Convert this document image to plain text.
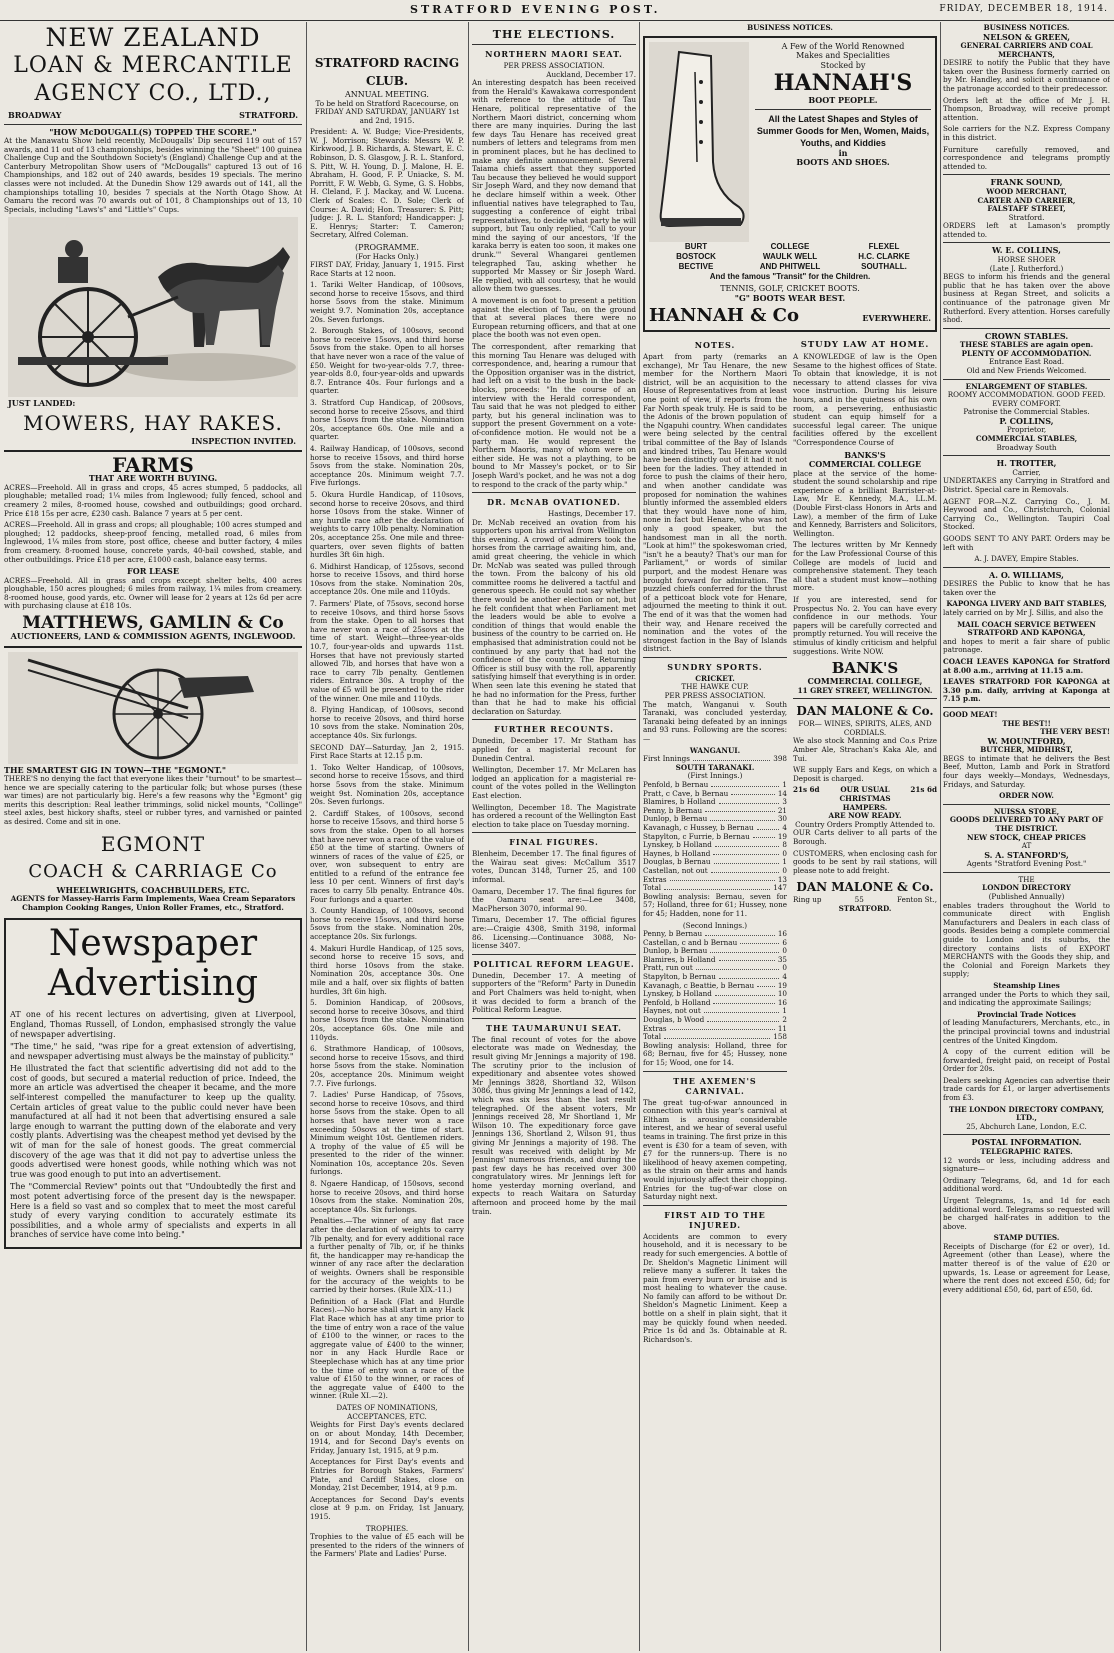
STRATFORD EVENING POST.	FRIDAY, DECEMBER 18, 1914.
NEW ZEALAND
LOAN & MERCANTILE
AGENCY CO., LTD.,
BROADWAY	STRATFORD.
"HOW McDOUGALL(S) TOPPED THE SCORE."

At the Manawatu Show held recently, McDougalls' Dip secured 119 out of 157 awards, and 11 out of 13 championships, besides winning the "Sheet" 100 guinea Challenge Cup and the Southdown Society's (England) Challenge Cup and at the Canterbury Metropolitan Show users of "McDougalls" captured 13 out of 16 Championships, and 182 out of 240 awards, besides 19 specials. The merino classes were not included. At the Dunedin Show 129 awards out of 141, all the championships totalling 10, besides 7 specials at the North Otago Show. At Oamaru the record was 70 awards out of 101, 8 Championships out of 13, 10 Specials, including "Laws's" and "Little's" Cups.

JUST LANDED:
MOWERS, HAY RAKES.
INSPECTION INVITED.
FARMS
THAT ARE WORTH BUYING.

ACRES—Freehold. All in grass and crops, 45 acres stumped, 5 paddocks, all ploughable; metalled road; 1¼ miles from Inglewood; fully fenced, school and creamery 2 miles, 8-roomed house, cowshed and outbuildings; good orchard. Price £18 15s per acre, £230 cash. Balance 7 years at 5 per cent.

ACRES—Freehold. All in grass and crops; all ploughable; 100 acres stumped and ploughed; 12 paddocks, sheep-proof fencing, metalled road, 6 miles from Inglewood, 1¼ miles from store, post office, cheese and butter factory, 4 miles from creamery. 8-roomed house, concrete yards, 40-bail cowshed, stable, and other outbuildings. Price £18 per acre, £1000 cash, balance easy terms.

FOR LEASE

ACRES—Freehold. All in grass and crops except shelter belts, 400 acres ploughable, 150 acres ploughed; 6 miles from railway, 1¼ miles from creamery. 8-roomed house, good yards, etc. Owner will lease for 2 years at 12s 6d per acre with purchasing clause at £18 10s.

MATTHEWS, GAMLIN & Co
AUCTIONEERS, LAND & COMMISSION AGENTS, INGLEWOOD.
THE SMARTEST GIG IN TOWN—THE "EGMONT."

THERE'S no denying the fact that everyone likes their "turnout" to be smartest—hence we are specially catering to the particular folk; but whose purses (these war times) are not particularly big. Here's a few reasons why the "Egmont" gig merits this description: Real leather trimmings, solid nickel mounts, "Collinge" steel axles, best hickory shafts, steel or rubber tyres, and varnished or painted as desired. Come and sit in one.

EGMONT
COACH & CARRIAGE Co
WHEELWRIGHTS, COACHBUILDERS, ETC.

AGENTS for Massey-Harris Farm Implements, Waea Cream Separators Champion Cooking Ranges, Union Roller Frames, etc., Stratford.

Newspaper
Advertising

AT one of his recent lectures on advertising, given at Liverpool, England, Thomas Russell, of London, emphasised strongly the value of newspaper advertising.

"The time," he said, "was ripe for a great extension of advertising, and newspaper advertising must always be the mainstay of publicity."

He illustrated the fact that scientific advertising did not add to the cost of goods, but secured a material reduction of price. Indeed, the more an article was advertised the cheaper it became, and the more self-interest compelled the manufacturer to keep up the quality. Certain articles of great value to the public could never have been manufactured at all had it not been that advertising ensured a sale large enough to warrant the putting down of the elaborate and very costly plants. Advertising was the cheapest method yet devised by the wit of man for the sale of honest goods. The great commercial discovery of the age was that it did not pay to advertise unless the goods advertised were honest goods, while nothing which was not true was good enough to put into an advertisement.

The "Commercial Review" points out that "Undoubtedly the first and most potent advertising force of the present day is the newspaper. Here is a field so vast and so complex that to meet the most careful study of every varying condition to accurately estimate its possibilities, and a whole army of specialists and experts in all branches of service have come into being."

STRATFORD RACING CLUB.
ANNUAL MEETING.

To be held on Stratford Racecourse, on FRIDAY AND SATURDAY, JANUARY 1st and 2nd, 1915.

President: A. W. Budge; Vice-Presidents, W. J. Morrison; Stewards: Messrs W. P. Kirkwood, J. B. Richards, A. Stewart, E. C. Robinson, D. S. Glasgow, J. R. L. Stanford, S. Pitt, W. H. Young, D. J. Malone, H. E. Abraham, H. Good, F. P. Uniacke, S. M. Porritt, F. W. Webb, G. Syme, G. S. Hobbs, H. Cleland, F. J. Mackay, and W. Lucena. Clerk of Scales: C. D. Sole; Clerk of Course: A. David; Hon. Treasurer: S. Pitt; Judge: J. R. L. Stanford; Handicapper: J. E. Henrys; Starter: T. Cameron; Secretary, Alfred Coleman.

(PROGRAMME.
(For Hacks Only.)

FIRST DAY, Friday, January 1, 1915. First Race Starts at 12 noon.

1. Tariki Welter Handicap, of 100sovs, second horse to receive 15sovs, and third horse 5sovs from the stake. Minimum weight 9.7. Nomination 20s, acceptance 20s. Seven furlongs.

2. Borough Stakes, of 100sovs, second horse to receive 15sovs, and third horse 5sovs from the stake. Open to all horses that have never won a race of the value of £50. Weight for two-year-olds 7.7, three-year-olds 8.0, four-year-olds and upwards 8.7. Entrance 40s. Four furlongs and a quarter.

3. Stratford Cup Handicap, of 200sovs, second horse to receive 25sovs, and third horse 15sovs from the stake. Nomination 20s, acceptance 60s. One mile and a quarter.

4. Railway Handicap, of 100sovs, second horse to receive 15sovs, and third horse 5sovs from the stake. Nomination 20s, acceptance 20s. Minimum weight 7.7. Five furlongs.

5. Okura Hurdle Handicap, of 110sovs, second horse to receive 20sovs, and third horse 10sovs from the stake. Winner of any hurdle race after the declaration of weights to carry 10lb penalty. Nomination 20s, acceptance 25s. One mile and three-quarters, over seven flights of batten hurdles 3ft 6in high.

6. Midhirst Handicap, of 125sovs, second horse to receive 15sovs, and third horse 10sovs from the stake. Nomination 20s, acceptance 20s. One mile and 110yds.

7. Farmers' Plate, of 75sovs, second horse to receive 10sovs, and third horse 5sovs from the stake. Open to all horses that have never won a race of 25sovs at the time of start. Weight—three-year-olds 10.7, four-year-olds and upwards 11st. Horses that have not previously started allowed 7lb, and horses that have won a race to carry 7lb penalty. Gentlemen riders. Entrance 30s. A trophy of the value of £5 will be presented to the rider of the winner. One mile and 110yds.

8. Flying Handicap, of 100sovs, second horse to receive 20sovs, and third horse 10 sovs from the stake. Nomination 20s, acceptance 40s. Six furlongs.

SECOND DAY—Saturday, Jan 2, 1915. First Race Starts at 12.15 p.m.

1. Toko Welter Handicap, of 100sovs, second horse to receive 15sovs, and third horse 5sovs from the stake. Minimum weight 9st. Nomination 20s, acceptance 20s. Seven furlongs.

2. Cardiff Stakes, of 100sovs, second horse to receive 15sovs, and third horse 5 sovs from the stake. Open to all horses that have never won a race of the value of £50 at the time of starting. Owners of winners of races of the value of £25, or over, won subsequent to entry are entitled to a refund of the entrance fee less 10 per cent. Winners of first day's races to carry 5lb penalty. Entrance 40s. Four furlongs and a quarter.

3. County Handicap, of 100sovs, second horse to receive 15sovs, and third horse 5sovs from the stake. Nomination 20s, acceptance 20s. Six furlongs.

4. Makuri Hurdle Handicap, of 125 sovs, second horse to receive 15 sovs, and third horse 10sovs from the stake. Nomination 20s, acceptance 30s. One mile and a half, over six flights of batten hurdles, 3ft 6in high.

5. Dominion Handicap, of 200sovs, second horse to receive 30sovs, and third horse 10sovs from the stake. Nomination 20s, acceptance 60s. One mile and 110yds.

6. Strathmore Handicap, of 100sovs, second horse to receive 15sovs, and third horse 5sovs from the stake. Nomination 20s, acceptance 20s. Minimum weight 7.7. Five furlongs.

7. Ladies' Purse Handicap, of 75sovs, second horse to receive 10sovs, and third horse 5sovs from the stake. Open to all horses that have never won a race exceeding 50sovs at the time of start. Minimum weight 10st. Gentlemen riders. A trophy of the value of £5 will be presented to the rider of the winner. Nomination 10s, acceptance 20s. Seven furlongs.

8. Ngaere Handicap, of 150sovs, second horse to receive 20sovs, and third horse 10sovs from the stake. Nomination 20s, acceptance 40s. Six furlongs.

Penalties.—The winner of any flat race after the declaration of weights to carry 7lb penalty, and for every additional race a further penalty of 7lb, or, if he thinks fit, the handicapper may re-handicap the winner of any race after the declaration of weights. Owners shall be responsible for the accuracy of the weights to be carried by their horses. (Rule XIX.-11.)

Definition of a Hack (Flat and Hurdle Races).—No horse shall start in any Hack Flat Race which has at any time prior to the time of entry won a race of the value of £100 to the winner, or races to the aggregate value of £400 to the winner, nor in any Hack Hurdle Race or Steeplechase which has at any time prior to the time of entry won a race of the value of £150 to the winner, or races of the aggregate value of £400 to the winner. (Rule XI.—2).

DATES OF NOMINATIONS, ACCEPTANCES, ETC.

Weights for First Day's events declared on or about Monday, 14th December, 1914, and for Second Day's events on Friday, January 1st, 1915, at 9 p.m.

Acceptances for First Day's events and Entries for Borough Stakes, Farmers' Plate, and Cardiff Stakes, close on Monday, 21st December, 1914, at 9 p.m.

Acceptances for Second Day's events close at 9 p.m. on Friday, 1st January, 1915.

TROPHIES.

Trophies to the value of £5 each will be presented to the riders of the winners of the Farmers' Plate and Ladies' Purse.

THE ELECTIONS.
NORTHERN MAORI SEAT.
PER PRESS ASSOCIATION.
Auckland, December 17.

An interesting despatch has been received from the Herald's Kawakawa correspondent with reference to the attitude of Tau Henare, political representative of the Northern Maori district, concerning whom there are many inquiries. During the last few days Tau Henare has received great numbers of letters and telegrams from men in prominent places, but he has declined to make any definite announcement. Several Taiama chiefs assert that they supported Tau because they believed he would support Sir Joseph Ward, and they now demand that he declare himself within a week. Other influential natives have telegraphed to Tau, suggesting a conference of eight tribal representatives, to decide what party he will support, but Tau only replied, "Call to your mind the saying of our ancestors, 'If the karaka berry is eaten too soon, it makes one drunk.'" Several Whangarei gentlemen telegraphed Tau, asking whether he supported Mr Massey or Sir Joseph Ward. He replied, with all courtesy, that he would allow them two guesses.

A movement is on foot to present a petition against the election of Tau, on the ground that at several places there were no European returning officers, and that at one place the booth was not even open.

The correspondent, after remarking that this morning Tau Henare was deluged with correspondence, and, hearing a rumour that the Opposition organiser was in the district, had left on a visit to the bush in the back-blocks, proceeds: "In the course of an interview with the Herald correspondent, Tau said that he was not pledged to either party, but his general inclination was to support the present Government on a vote-of-confidence motion. He would not be a party man. He would represent the Northern Maoris, many of whom were on either side. He was not a plaything, to be bound to Mr Massey's pocket, or to Sir Joseph Ward's pocket, and he was not a dog to respond to the crack of the party whip."

DR. McNAB OVATIONED.
Hastings, December 17.

Dr. McNab received an ovation from his supporters upon his arrival from Wellington this evening. A crowd of admirers took the horses from the carriage awaiting him, and, amid great cheering, the vehicle in which Dr. McNab was seated was pulled through the town. From the balcony of his old committee rooms he delivered a tactful and generous speech. He could not say whether there would be another election or not, but he felt confident that when Parliament met the leaders would be able to evolve a condition of things that would enable the business of the country to be carried on. He emphasised that administration could not be continued by any party that had not the confidence of the country. The Returning Officer is still busy with the roll, apparently satisfying himself that everything is in order. When seen late this evening he stated that he had no information for the Press, further than that he had to make his official declaration on Saturday.

FURTHER RECOUNTS.

Dunedin, December 17. Mr Statham has applied for a magisterial recount for Dunedin Central.

Wellington, December 17. Mr McLaren has lodged an application for a magisterial re-count of the votes polled in the Wellington East election.

Wellington, December 18. The Magistrate has ordered a recount of the Wellington East election to take place on Tuesday morning.

FINAL FIGURES.

Blenheim, December 17. The final figures of the Wairau seat gives: McCallum 3517 votes, Duncan 3148, Turner 25, and 100 informal.

Oamaru, December 17. The final figures for the Oamaru seat are:—Lee 3408, MacPherson 3070, informal 90.

Timaru, December 17. The official figures are:—Craigie 4308, Smith 3198, informal 86. Licensing.—Continuance 3088, No-license 3407.

POLITICAL REFORM LEAGUE.

Dunedin, December 17. A meeting of supporters of the "Reform" Party in Dunedin and Port Chalmers was held to-night, when it was decided to form a branch of the Political Reform League.

THE TAUMARUNUI SEAT.

The final recount of votes for the above electorate was made on Wednesday, the result giving Mr Jennings a majority of 198. The scrutiny prior to the inclusion of expeditionary and absentee votes showed Mr Jennings 3828, Shortland 32, Wilson 3086, thus giving Mr Jennings a lead of 142, which was six less than the last result telegraphed. Of the absent voters, Mr Jennings received 28, Mr Shortland 1, Mr Wilson 10. The expeditionary force gave Jennings 136, Shortland 2, Wilson 91, thus giving Mr Jennings a majority of 198. The result was received with delight by Mr Jennings' numerous friends, and during the past few days he has received over 300 congratulatory wires. Mr Jennings left for home yesterday morning overland, and expects to reach Waitara on Saturday afternoon and proceed home by the mail train.

BUSINESS NOTICES.
A Few of the World Renowned
Makes and Specialities
Stocked by
HANNAH'S
BOOT PEOPLE.
All the Latest Shapes and Styles of Summer Goods for Men, Women, Maids, Youths, and Kiddies
in
BOOTS AND SHOES.
BURT	COLLEGE	FLEXEL
BOSTOCK	WAULK WELL	H.C. CLARKE
BECTIVE	AND PHITWELL	SOUTHALL.
And the famous "Transit" for the Children.
TENNIS, GOLF, CRICKET BOOTS.
"G" BOOTS WEAR BEST.
HANNAH & Co	EVERYWHERE.
NOTES.

Apart from party (remarks an exchange), Mr Tau Henare, the new member for the Northern Maori district, will be an acquisition to the House of Representatives from at least one point of view, if reports from the Far North speak truly. He is said to be the Adonis of the brown population of the Ngapuhi country. When candidates were being selected by the central tribal committee of the Bay of Islands and kindred tribes, Tau Henare would have been distinctly out of it had it not been for the ladies. They attended in force to push the claims of their hero, and when another candidate was proposed for nomination the wahines bluntly informed the assembled elders that they would have none of him, none in fact but Henare, who was not only a good speaker, but the handsomest man in all the north. "Look at him!" the spokeswoman cried, "isn't he a beauty? That's our man for Parliament," or words of similar purport, and the modest Henare was brought forward for admiration. The puzzled chiefs conferred for the thrust of a petticoat block vote for Henare, adjourned the meeting to think it out. The end of it was that the women had their way, and Henare received the nomination and the votes of the strongest faction in the Bay of Islands district.

SUNDRY SPORTS.
CRICKET.
THE HAWKE CUP.
PER PRESS ASSOCIATION.

The match, Wanganui v. South Taranaki, was concluded yesterday, Taranaki being defeated by an innings and 93 runs. Following are the scores:—

WANGANUI.
First Innings	398
SOUTH TARANAKI.
(First Innings.)
Penfold, b Bernau	1
Pratt, c Cave, b Bernau	14
Blamires, b Holland	3
Penny, b Bernau	21
Dunlop, b Bernau	30
Kavanagh, c Hussey, b Bernau	4
Stapylton, c Furrie, b Bernau	19
Lynskey, b Holland	8
Haynes, b Holland	0
Douglas, b Bernau	1
Castellan, not out	0
Extras	13
Total	147

Bowling analysis: Bernau, seven for 57; Holland, three for 61; Hussey, none for 45; Hadden, none for 11.

(Second Innings.)
Penny, b Bernau	16
Castellan, c and b Bernau	6
Dunlop, b Bernau	0
Blamires, b Holland	35
Pratt, run out	0
Stapylton, b Bernau	4
Kavanagh, c Beattie, b Bernau	19
Lynskey, b Holland	10
Penfold, b Holland	16
Haynes, not out	1
Douglas, b Wood	2
Extras	11
Total	158

Bowling analysis: Holland, three for 68; Bernau, five for 45; Hussey, none for 15; Wood, one for 14.

THE AXEMEN'S CARNIVAL.

The great tug-of-war announced in connection with this year's carnival at Eltham is arousing considerable interest, and we hear of several useful teams in training. The first prize in this event is £30 for a team of seven, with £7 for the runners-up. There is no likelihood of heavy axemen competing, as the strain on their arms and hands would injuriously affect their chopping. Entries for the tug-of-war close on Saturday night next.

FIRST AID TO THE INJURED.

Accidents are common to every household, and it is necessary to be ready for such emergencies. A bottle of Dr. Sheldon's Magnetic Liniment will relieve many a sufferer. It takes the pain from every burn or bruise and is most healing to whatever the cause. No family can afford to be without Dr. Sheldon's Magnetic Liniment. Keep a bottle on a shelf in plain sight, that it may be quickly found when needed. Price 1s 6d and 3s. Obtainable at R. Richardson's.

STUDY LAW AT HOME.

A KNOWLEDGE of law is the Open Sesame to the highest offices of State. To obtain that knowledge, it is not necessary to attend classes for viva voce instruction. During his leisure hours, and in the quietness of his own room, a persevering, enthusiastic student can equip himself for a successful legal career. The unique facilities offered by the excellent "Correspondence Course of

BANKS'S
COMMERCIAL COLLEGE

place at the service of the home-student the sound scholarship and ripe experience of a brilliant Barrister-at-Law, Mr E. Kennedy, M.A., LL.M. (Double First-class Honors in Arts and Law), a member of the firm of Luke and Kennedy, Barristers and Solicitors, Wellington.

The lectures written by Mr Kennedy for the Law Professional Course of this College are models of lucid and comprehensive statement. They teach all that a student must know—nothing more.

If you are interested, send for Prospectus No. 2. You can have every confidence in our methods. Your papers will be carefully corrected and promptly returned. You will receive the stimulus of kindly criticism and helpful suggestions. Write NOW.

BANK'S
COMMERCIAL COLLEGE,
11 GREY STREET, WELLINGTON.
DAN MALONE & Co.
FOR— WINES, SPIRITS, ALES, AND CORDIALS.

We also stock Manning and Co.s Prize Amber Ale, Strachan's Kaka Ale, and Tui.

WE supply Ears and Kegs, on which a Deposit is charged.

21s 6d	OUR USUAL
CHRISTMAS
HAMPERS.
21s 6d
ARE NOW READY.
Country Orders Promptly Attended to.

OUR Carts deliver to all parts of the Borough.

CUSTOMERS, when enclosing cash for goods to be sent by rail stations, will please note to add freight.

DAN MALONE & Co.
Ring up	55	Fenton St.,
STRATFORD.
BUSINESS NOTICES.
NELSON & GREEN,
GENERAL CARRIERS AND COAL MERCHANTS,

DESIRE to notify the Public that they have taken over the Business formerly carried on by Mr. Handley, and solicit a continuance of the patronage accorded to their predecessor.

Orders left at the office of Mr J. H. Thompson, Broadway, will receive prompt attention.

Sole carriers for the N.Z. Express Company in this district.

Furniture carefully removed, and correspondence and telegrams promptly attended to.

FRANK SOUND,
WOOD MERCHANT,
CARTER AND CARRIER,
FALSTAFF STREET,
Stratford.

ORDERS left at Lamason's promptly attended to.

W. E. COLLINS,
HORSE SHOER
(Late J. Rutherford.)

BEGS to inform his friends and the general public that he has taken over the above business at Regan Street, and solicits a continuance of the patronage given Mr Rutherford. Every attention. Horses carefully shod.

CROWN STABLES.
THESE STABLES are again open.
PLENTY OF ACCOMMODATION.
Entrance East Road.
Old and New Friends Welcomed.
ENLARGEMENT OF STABLES.
ROOMY ACCOMMODATION. GOOD FEED. EVERY COMFORT.
Patronise the Commercial Stables.
P. COLLINS,
Proprietor,
COMMERCIAL STABLES,
Broadway South
H. TROTTER,
Carrier,

UNDERTAKES any Carrying in Stratford and District. Special care in Removals.

AGENT FOR—N.Z. Carrying Co., J. M. Heywood and Co., Christchurch, Colonial Carrying Co., Wellington. Taupiri Coal Stocked.

GOODS SENT TO ANY PART. Orders may be left with

A. J. DAVEY, Empire Stables.
A. O. WILLIAMS,

DESIRES the Public to know that he has taken over the

KAPONGA LIVERY AND BAIT STABLES,

lately carried on by Mr J. Sillis, and also the

MAIL COACH SERVICE BETWEEN STRATFORD AND KAPONGA,

and hopes to merit a fair share of public patronage.

COACH LEAVES KAPONGA for Stratford at 8.00 a.m., arriving at 11.15 a.m.

LEAVES STRATFORD FOR KAPONGA at 3.30 p.m. daily, arriving at Kaponga at 7.15 p.m.

GOOD MEAT!
THE BEST!!
THE VERY BEST!
W. MOUNTFORD,
BUTCHER, MIDHIRST,

BEGS to intimate that he delivers the Best Beef, Mutton, Lamb and Pork in Stratford four days weekly—Mondays, Wednesdays, Fridays, and Saturday.

ORDER NOW.
NUISSA STORE,
GOODS DELIVERED TO ANY PART OF THE DISTRICT.
NEW STOCK, CHEAP PRICES
AT
S. A. STANFORD'S,
Agents "Stratford Evening Post."
THE
LONDON DIRECTORY
(Published Annually)

enables traders throughout the World to communicate direct with English Manufacturers and Dealers in each class of goods. Besides being a complete commercial guide to London and its suburbs, the directory contains lists of EXPORT MERCHANTS with the Goods they ship, and the Colonial and Foreign Markets they supply;

Steamship Lines

arranged under the Ports to which they sail, and indicating the approximate Sailings;

Provincial Trade Notices

of leading Manufacturers, Merchants, etc., in the principal provincial towns and industrial centres of the United Kingdom.

A copy of the current edition will be forwarded, freight paid, on receipt of Postal Order for 20s.

Dealers seeking Agencies can advertise their trade cards for £1, or larger advertisements from £3.

THE LONDON DIRECTORY COMPANY, LTD.,
25, Abchurch Lane, London, E.C.
POSTAL INFORMATION.
TELEGRAPHIC RATES.

12 words or less, including address and signature—

Ordinary Telegrams, 6d, and 1d for each additional word.

Urgent Telegrams, 1s, and 1d for each additional word. Telegrams so requested will be charged half-rates in addition to the above.

STAMP DUTIES.

Receipts of Discharge (for £2 or over), 1d. Agreement (other than Lease), where the matter thereof is of the value of £20 or upwards, 1s. Lease or agreement for Lease, where the rent does not exceed £50, 6d; for every additional £50, 6d, part of £50, 6d.
